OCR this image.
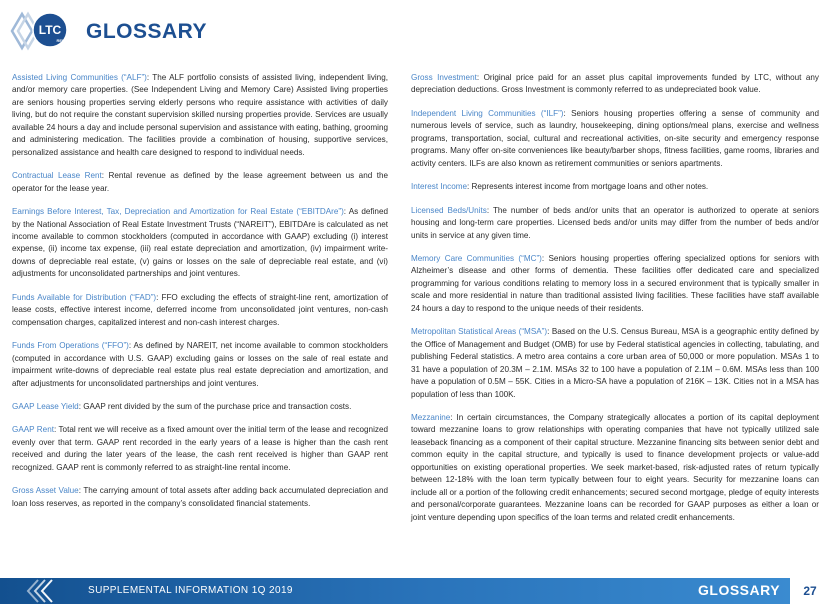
LTC
REIT GLOSSARY

Assisted Living Communities (“ALF”): The ALF portfolio consists of assisted living, independent living, and/or memory care properties. (See Independent Living and Memory Care) Assisted living properties are seniors housing properties serving elderly persons who require assistance with activities of daily living, but do not require the constant supervision skilled nursing properties provide. Services are usually available 24 hours a day and include personal supervision and assistance with eating, bathing, grooming and administering medication. The facilities provide a combination of housing, supportive services, personalized assistance and health care designed to respond to individual needs.

Contractual Lease Rent: Rental revenue as defined by the lease agreement between us and the operator for the lease year.

Earnings Before Interest, Tax, Depreciation and Amortization for Real Estate (“EBITDAre”): As defined by the National Association of Real Estate Investment Trusts (“NAREIT”), EBITDAre is calculated as net income available to common stockholders (computed in accordance with GAAP) excluding (i) interest expense, (ii) income tax expense, (iii) real estate depreciation and amortization, (iv) impairment write-downs of depreciable real estate, (v) gains or losses on the sale of depreciable real estate, and (vi) adjustments for unconsolidated partnerships and joint ventures.

Funds Available for Distribution (“FAD”): FFO excluding the effects of straight-line rent, amortization of lease costs, effective interest income, deferred income from unconsolidated joint ventures, non-cash compensation charges, capitalized interest and non-cash interest charges.

Funds From Operations (“FFO”): As defined by NAREIT, net income available to common stockholders (computed in accordance with U.S. GAAP) excluding gains or losses on the sale of real estate and impairment write-downs of depreciable real estate plus real estate depreciation and amortization, and after adjustments for unconsolidated partnerships and joint ventures.

GAAP Lease Yield: GAAP rent divided by the sum of the purchase price and transaction costs.

GAAP Rent: Total rent we will receive as a fixed amount over the initial term of the lease and recognized evenly over that term. GAAP rent recorded in the early years of a lease is higher than the cash rent received and during the later years of the lease, the cash rent received is higher than GAAP rent recognized. GAAP rent is commonly referred to as straight-line rental income.

Gross Asset Value: The carrying amount of total assets after adding back accumulated depreciation and loan loss reserves, as reported in the company’s consolidated financial statements.

Gross Investment: Original price paid for an asset plus capital improvements funded by LTC, without any depreciation deductions. Gross Investment is commonly referred to as undepreciated book value.

Independent Living Communities (“ILF”): Seniors housing properties offering a sense of community and numerous levels of service, such as laundry, housekeeping, dining options/meal plans, exercise and wellness programs, transportation, social, cultural and recreational activities, on-site security and emergency response programs. Many offer on-site conveniences like beauty/barber shops, fitness facilities, game rooms, libraries and activity centers. ILFs are also known as retirement communities or seniors apartments.

Interest Income: Represents interest income from mortgage loans and other notes.

Licensed Beds/Units: The number of beds and/or units that an operator is authorized to operate at seniors housing and long-term care properties. Licensed beds and/or units may differ from the number of beds and/or units in service at any given time.

Memory Care Communities (“MC”): Seniors housing properties offering specialized options for seniors with Alzheimer’s disease and other forms of dementia. These facilities offer dedicated care and specialized programming for various conditions relating to memory loss in a secured environment that is typically smaller in scale and more residential in nature than traditional assisted living facilities. These facilities have staff available 24 hours a day to respond to the unique needs of their residents.

Metropolitan Statistical Areas (“MSA”): Based on the U.S. Census Bureau, MSA is a geographic entity defined by the Office of Management and Budget (OMB) for use by Federal statistical agencies in collecting, tabulating, and publishing Federal statistics. A metro area contains a core urban area of 50,000 or more population. MSAs 1 to 31 have a population of 20.3M – 2.1M. MSAs 32 to 100 have a population of 2.1M – 0.6M. MSAs less than 100 have a population of 0.5M – 55K. Cities in a Micro-SA have a population of 216K – 13K. Cities not in a MSA has population of less than 100K.

Mezzanine: In certain circumstances, the Company strategically allocates a portion of its capital deployment toward mezzanine loans to grow relationships with operating companies that have not typically utilized sale leaseback financing as a component of their capital structure. Mezzanine financing sits between senior debt and common equity in the capital structure, and typically is used to finance development projects or value-add opportunities on existing operational properties. We seek market-based, risk-adjusted rates of return typically between 12-18% with the loan term typically between four to eight years. Security for mezzanine loans can include all or a portion of the following credit enhancements; secured second mortgage, pledge of equity interests and personal/corporate guarantees. Mezzanine loans can be recorded for GAAP purposes as either a loan or joint venture depending upon specifics of the loan terms and related credit enhancements.

SUPPLEMENTAL INFORMATION 1Q 2019	GLOSSARY	27
